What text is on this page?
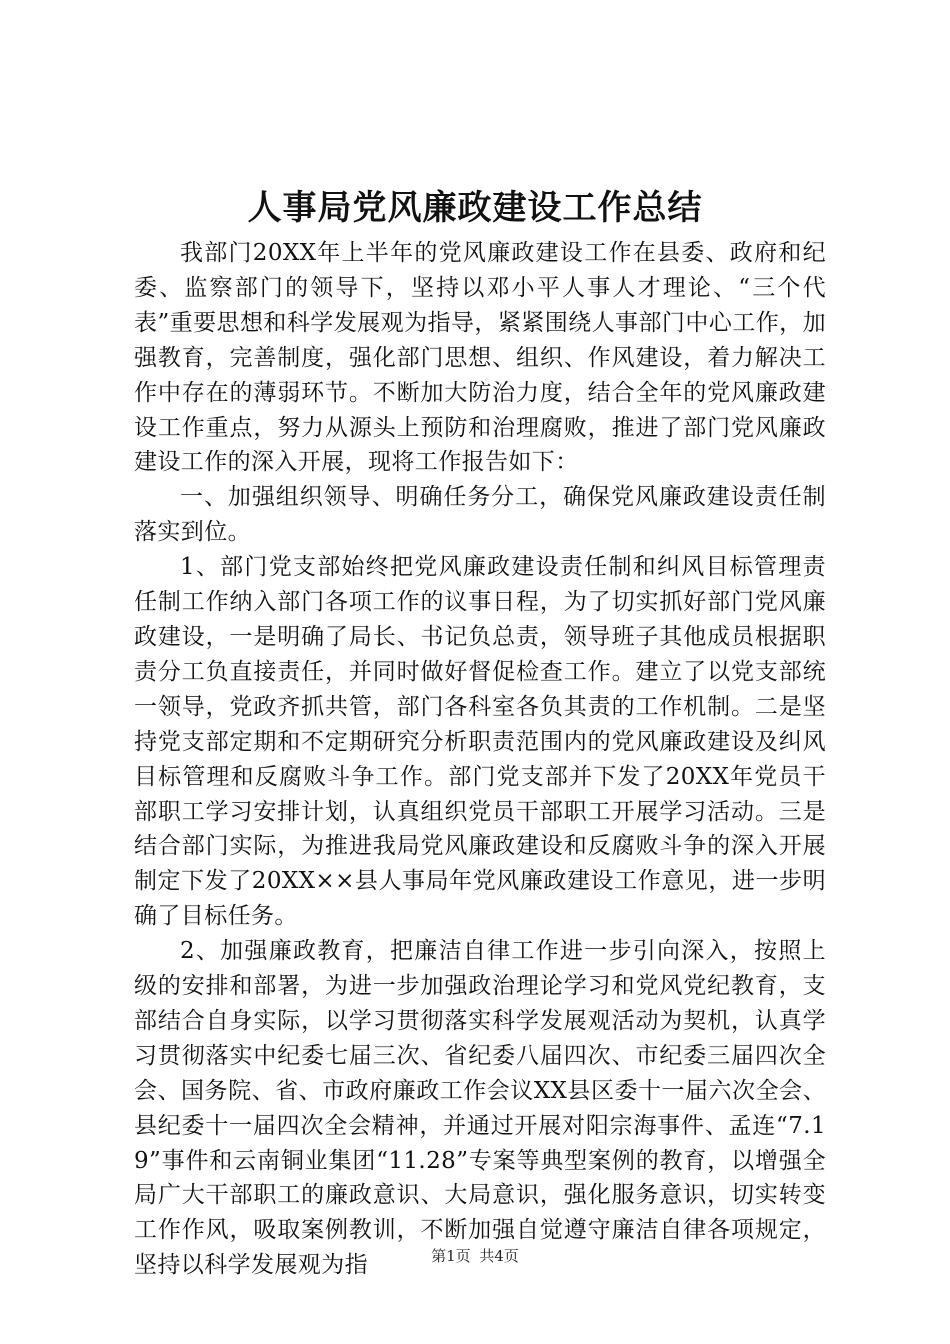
人事局党风廉政建设工作总结

我部门20XX年上半年的党风廉政建设工作在县委、政府和纪委、监察部门的领导下，坚持以邓小平人事人才理论、“三个代表”重要思想和科学发展观为指导，紧紧围绕人事部门中心工作，加强教育，完善制度，强化部门思想、组织、作风建设，着力解决工作中存在的薄弱环节。不断加大防治力度，结合全年的党风廉政建设工作重点，努力从源头上预防和治理腐败，推进了部门党风廉政建设工作的深入开展，现将工作报告如下：

一、加强组织领导、明确任务分工，确保党风廉政建设责任制落实到位。

1、部门党支部始终把党风廉政建设责任制和纠风目标管理责任制工作纳入部门各项工作的议事日程，为了切实抓好部门党风廉政建设，一是明确了局长、书记负总责，领导班子其他成员根据职责分工负直接责任，并同时做好督促检查工作。建立了以党支部统一领导，党政齐抓共管，部门各科室各负其责的工作机制。二是坚持党支部定期和不定期研究分析职责范围内的党风廉政建设及纠风目标管理和反腐败斗争工作。部门党支部并下发了20XX年党员干部职工学习安排计划，认真组织党员干部职工开展学习活动。三是结合部门实际，为推进我局党风廉政建设和反腐败斗争的深入开展制定下发了20XX××县人事局年党风廉政建设工作意见，进一步明确了目标任务。

2、加强廉政教育，把廉洁自律工作进一步引向深入，按照上级的安排和部署，为进一步加强政治理论学习和党风党纪教育，支部结合自身实际，以学习贯彻落实科学发展观活动为契机，认真学习贯彻落实中纪委七届三次、省纪委八届四次、市纪委三届四次全会、国务院、省、市政府廉政工作会议XX县区委十一届六次全会、县纪委十一届四次全会精神，并通过开展对阳宗海事件、孟连“7.19”事件和云南铜业集团“11.28”专案等典型案例的教育，以增强全局广大干部职工的廉政意识、大局意识，强化服务意识，切实转变工作作风，吸取案例教训，不断加强自觉遵守廉洁自律各项规定，坚持以科学发展观为指	第1页 共4页
